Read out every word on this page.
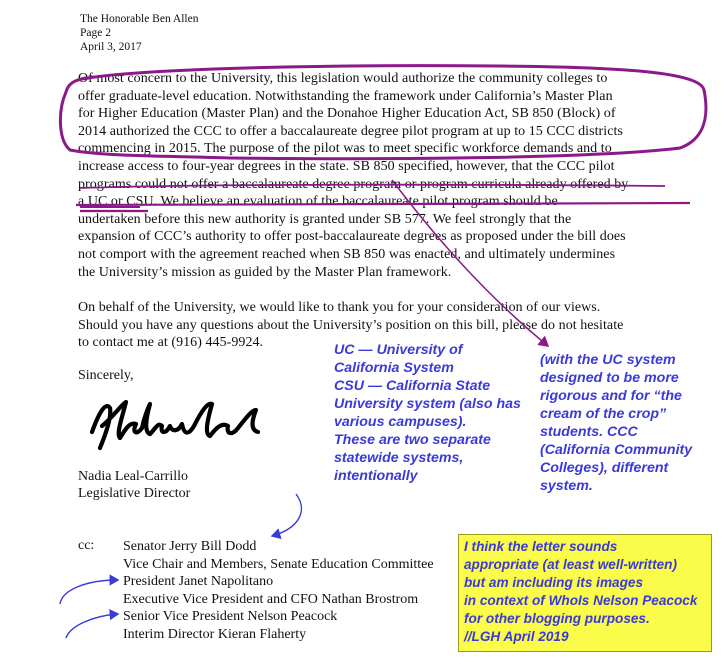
The Honorable Ben Allen
Page 2
April 3, 2017
Of most concern to the University, this legislation would authorize the community colleges to
offer graduate-level education. Notwithstanding the framework under California’s Master Plan
for Higher Education (Master Plan) and the Donahoe Higher Education Act, SB 850 (Block) of
2014 authorized the CCC to offer a baccalaureate degree pilot program at up to 15 CCC districts
commencing in 2015. The purpose of the pilot was to meet specific workforce demands and to
increase access to four-year degrees in the state. SB 850 specified, however, that the CCC pilot
programs could not offer a baccalaureate degree program or program curricula already offered by
a UC or CSU. We believe an evaluation of the baccalaureate pilot program should be
undertaken before this new authority is granted under SB 577. We feel strongly that the
expansion of CCC’s authority to offer post-baccalaureate degrees as proposed under the bill does
not comport with the agreement reached when SB 850 was enacted, and ultimately undermines
the University’s mission as guided by the Master Plan framework.
On behalf of the University, we would like to thank you for your consideration of our views.
Should you have any questions about the University’s position on this bill, please do not hesitate
to contact me at (916) 445-9924.
Sincerely,
Nadia Leal-Carrillo
Legislative Director
cc: Senator Jerry Bill Dodd
Vice Chair and Members, Senate Education Committee
President Janet Napolitano
Executive Vice President and CFO Nathan Brostrom
Senior Vice President Nelson Peacock
Interim Director Kieran Flaherty
UC — University of
California System
CSU — California State
University system (also has
various campuses).
These are two separate
statewide systems,
intentionally
(with the UC system
designed to be more
rigorous and for “the
cream of the crop”
students. CCC
(California Community
Colleges), different
system.
I think the letter sounds
appropriate (at least well-written)
but am including its images
in context of WhoIs Nelson Peacock
for other blogging purposes.
//LGH April 2019
